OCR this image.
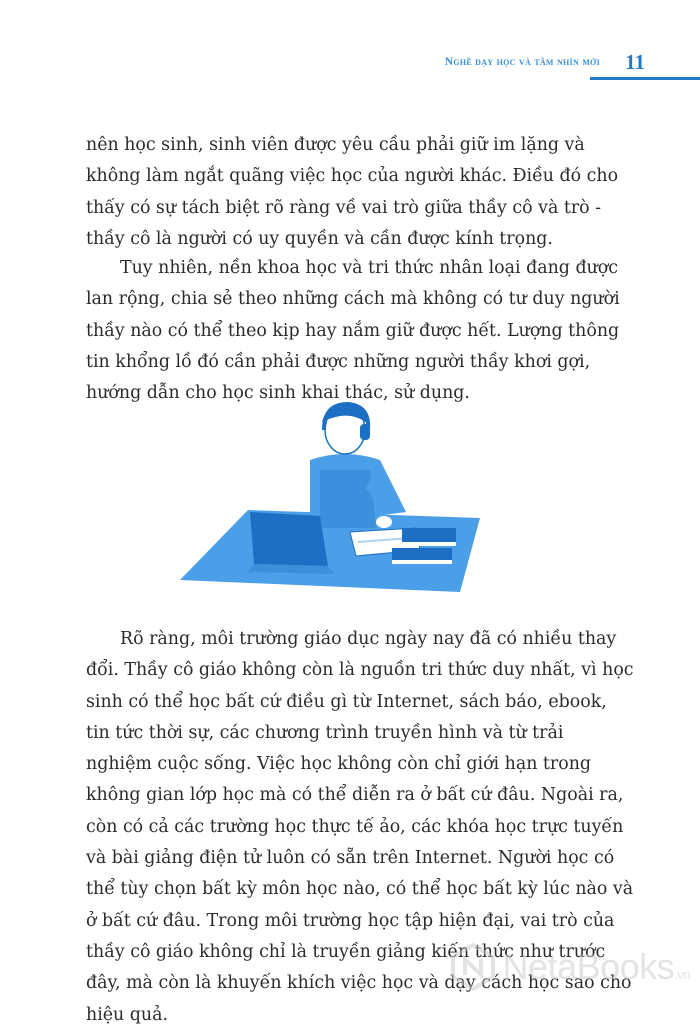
Nghề dạy học và tầm nhìn mới 11

nên học sinh, sinh viên được yêu cầu phải giữ im lặng và không làm ngắt quãng việc học của người khác. Điều đó cho thấy có sự tách biệt rõ ràng về vai trò giữa thầy cô và trò - thầy cô là người có uy quyền và cần được kính trọng.

Tuy nhiên, nền khoa học và tri thức nhân loại đang được lan rộng, chia sẻ theo những cách mà không có tư duy người thầy nào có thể theo kịp hay nắm giữ được hết. Lượng thông tin khổng lồ đó cần phải được những người thầy khơi gợi, hướng dẫn cho học sinh khai thác, sử dụng.

Rõ ràng, môi trường giáo dục ngày nay đã có nhiều thay đổi. Thầy cô giáo không còn là nguồn tri thức duy nhất, vì học sinh có thể học bất cứ điều gì từ Internet, sách báo, ebook, tin tức thời sự, các chương trình truyền hình và từ trải nghiệm cuộc sống. Việc học không còn chỉ giới hạn trong không gian lớp học mà có thể diễn ra ở bất cứ đâu. Ngoài ra, còn có cả các trường học thực tế ảo, các khóa học trực tuyến và bài giảng điện tử luôn có sẵn trên Internet. Người học có thể tùy chọn bất kỳ môn học nào, có thể học bất kỳ lúc nào và ở bất cứ đâu. Trong môi trường học tập hiện đại, vai trò của thầy cô giáo không chỉ là truyền giảng kiến thức như trước đây, mà còn là khuyến khích việc học và dạy cách học sao cho hiệu quả.

NetaBooks.vn
